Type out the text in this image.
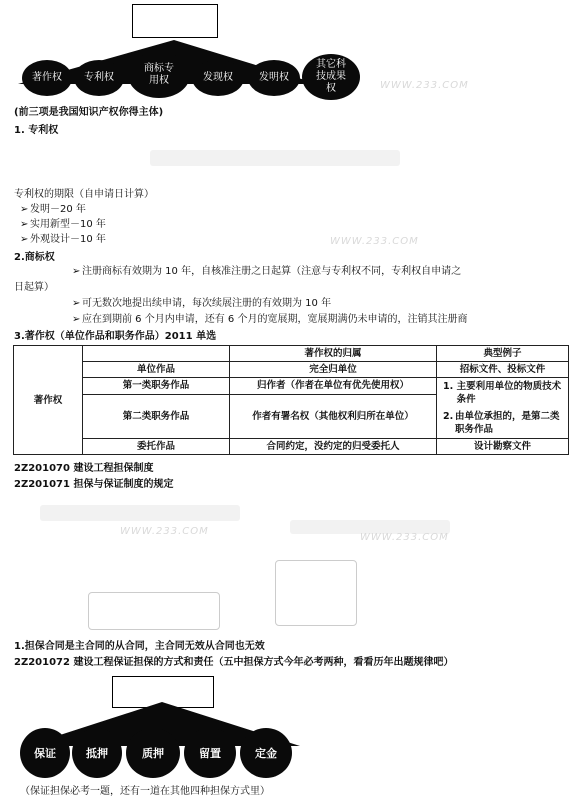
著作权 专利权
商标专用权	发现权	发明权
其它科技成果权	WWW.233.COM
(前三项是我国知识产权你得主体)
1. 专利权
专利权的期限（自申请日计算）
➢ 发明－20 年
➢ 实用新型－10 年
➢ 外观设计－10 年	WWW.233.COM
2.商标权
➢ 注册商标有效期为 10 年，自核准注册之日起算（注意与专利权不同，专利权自申请之
日起算）
➢ 可无数次地提出续申请，每次续展注册的有效期为 10 年
➢ 应在到期前 6 个月内申请，还有 6 个月的宽展期，宽展期满仍未申请的，注销其注册商
3.著作权（单位作品和职务作品）2011 单选
著作权		著作权的归属	典型例子
	单位作品	完全归单位	招标文件、投标文件
	第一类职务作品	归作者（作者在单位有优先使用权）	1. 主要利用单位的物质技术条件
2. 由单位承担的，是第二类职务作品

	第二类职务作品	作者有署名权（其他权利归所在单位）	
	委托作品	合同约定，没约定的归受委托人	设计勘察文件
2Z201070 建设工程担保制度
2Z201071 担保与保证制度的规定
WWW.233.COM
WWW.233.COM
1.担保合同是主合同的从合同，主合同无效从合同也无效
2Z201072 建设工程保证担保的方式和责任（五中担保方式今年必考两种，看看历年出题规律吧）
保证	抵押	质押	留置	定金
（保证担保必考一题，还有一道在其他四种担保方式里）
